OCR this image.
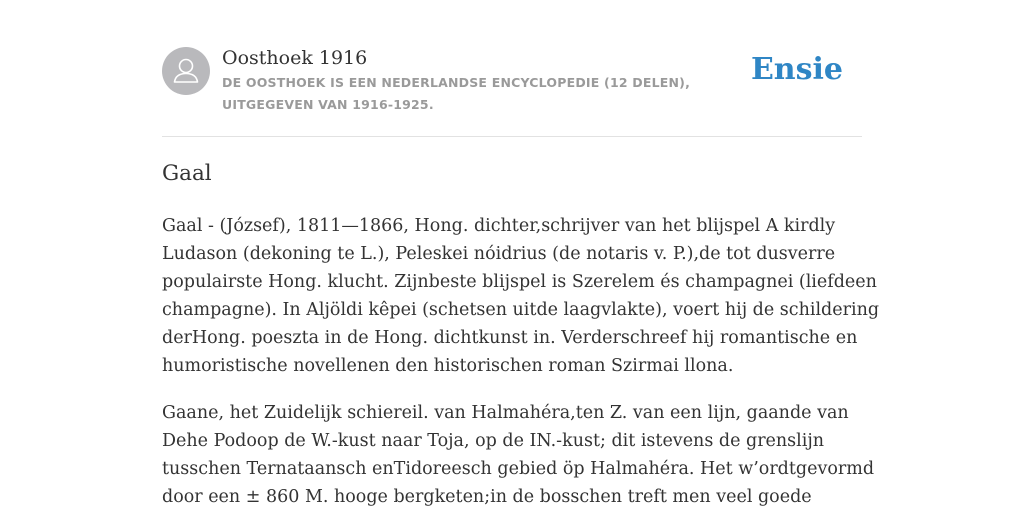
Oosthoek 1916
DE OOSTHOEK IS EEN NEDERLANDSE ENCYCLOPEDIE (12 DELEN), UITGEGEVEN VAN 1916-1925.
Ensie
Gaal

Gaal - (József), 1811—1866, Hong. dichter,schrijver van het blijspel A kirdly
Ludason (dekoning te L.), Peleskei nóidrius (de notaris v. P.),de tot dusverre
populairste Hong. klucht. Zijnbeste blijspel is Szerelem és champagnei (liefdeen
champagne). In Aljöldi kêpei (schetsen uitde laagvlakte), voert hij de schildering
derHong. poeszta in de Hong. dichtkunst in. Verderschreef hij romantische en
humoristische novellenen den historischen roman Szirmai llona.

Gaane, het Zuidelijk schiereil. van Halmahéra,ten Z. van een lijn, gaande van
Dehe Podoop de W.-kust naar Toja, op de IN.-kust; dit istevens de grenslijn
tusschen Ternataansch enTidoreesch gebied öp Halmahéra. Het w’ordtgevormd
door een ± 860 M. hooge bergketen;in de bosschen treft men veel goede
